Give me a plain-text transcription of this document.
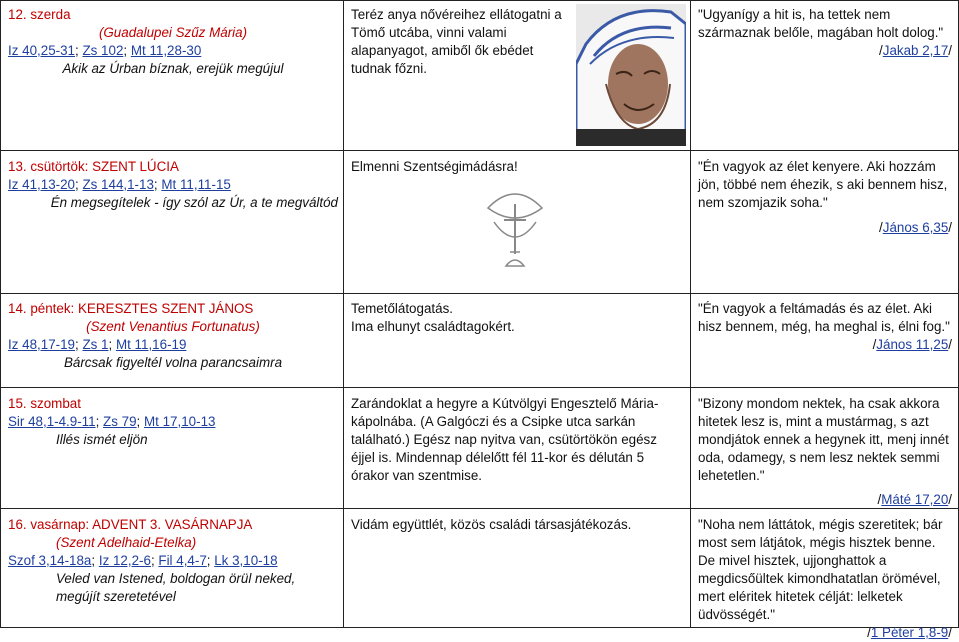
12. szerda
(Guadalupei Szűz Mária)
Iz 40,25-31; Zs 102; Mt 11,28-30
Akik az Úrban bíznak, erejük megújul
Teréz anya nővéreihez ellátogatni a Tömő utcába, vinni valami alapanyagot, amiből ők ebédet tudnak főzni.
"Ugyanígy a hit is, ha tettek nem származnak belőle, magában holt dolog."
/Jakab 2,17/
13. csütörtök: SZENT LÚCIA
Iz 41,13-20; Zs 144,1-13; Mt 11,11-15
Én megsegítelek - így szól az Úr, a te megváltód
Elmenni Szentségimádásra!	"Én vagyok az élet kenyere. Aki hozzám jön, többé nem éhezik, s aki bennem hisz, nem szomjazik soha."
/János 6,35/
14. péntek: KERESZTES SZENT JÁNOS
(Szent Venantius Fortunatus)
Iz 48,17-19; Zs 1; Mt 11,16-19
Bárcsak figyeltél volna parancsaimra
Temetőlátogatás.
Ima elhunyt családtagokért.
"Én vagyok a feltámadás és az élet. Aki hisz bennem, még, ha meghal is, élni fog."
/János 11,25/
15. szombat
Sir 48,1-4.9-11; Zs 79; Mt 17,10-13
Illés ismét eljön
Zarándoklat a hegyre a Kútvölgyi Engesztelő Mária-kápolnába. (A Galgóczi és a Csipke utca sarkán található.) Egész nap nyitva van, csütörtökön egész éjjel is. Mindennap délelőtt fél 11-kor és délután 5 órakor van szentmise.
"Bizony mondom nektek, ha csak akkora hitetek lesz is, mint a mustármag, s azt mondjátok ennek a hegynek itt, menj innét oda, odamegy, s nem lesz nektek semmi lehetetlen."
/Máté 17,20/
16. vasárnap: ADVENT 3. VASÁRNAPJA
(Szent Adelhaid-Etelka)
Szof 3,14-18a; Iz 12,2-6; Fil 4,4-7; Lk 3,10-18
Veled van Istened, boldogan örül neked, megújít szeretetével
Vidám együttlét, közös családi társasjátékozás.	"Noha nem láttátok, mégis szeretitek; bár most sem látjátok, mégis hisztek benne. De mivel hisztek, ujjonghattok a megdicsőültek kimondhatatlan örömével, mert eléritek hitetek célját: lelketek üdvösségét."
/1 Péter 1,8-9/
